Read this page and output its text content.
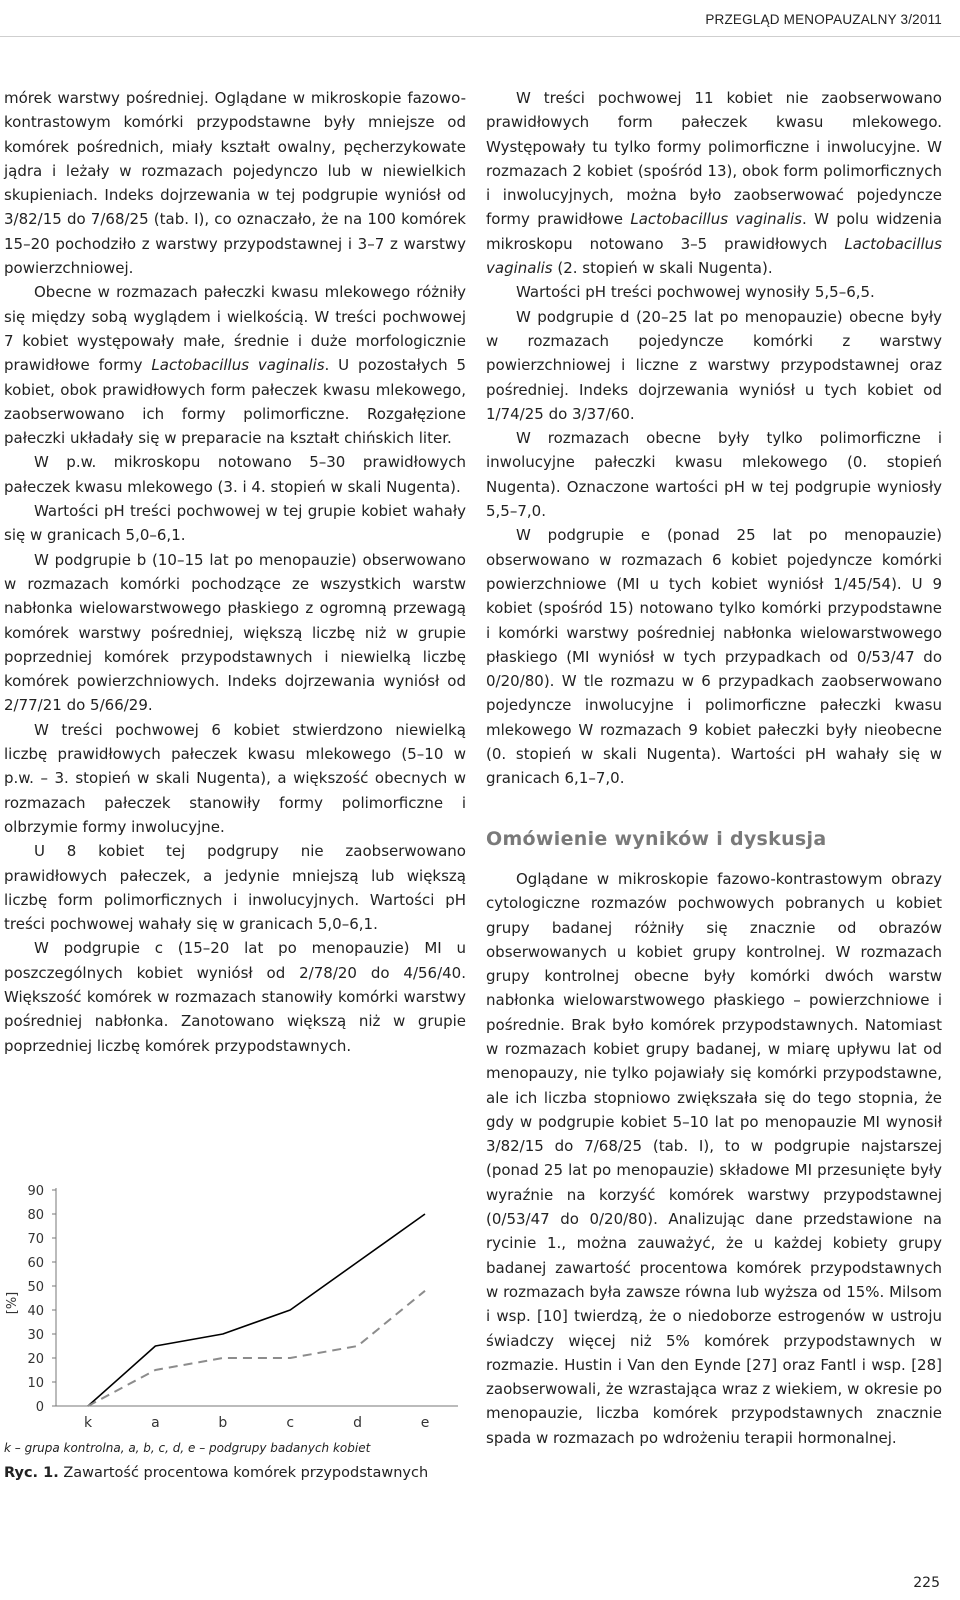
PRZEGLĄD MENOPAUZALNY 3/2011

mórek warstwy pośredniej. Oglądane w mikroskopie fazowo-kontrastowym komórki przypodstawne były mniejsze od komórek pośrednich, miały kształt owalny, pęcherzykowate jądra i leżały w rozmazach pojedynczo lub w niewielkich skupieniach. Indeks dojrzewania w tej podgrupie wyniósł od 3/82/15 do 7/68/25 (tab. I), co oznaczało, że na 100 komórek 15–20 pochodziło z warstwy przypodstawnej i 3–7 z warstwy powierzchniowej.

Obecne w rozmazach pałeczki kwasu mlekowego różniły się między sobą wyglądem i wielkością. W treści pochwowej 7 kobiet występowały małe, średnie i duże morfologicznie prawidłowe formy Lactobacillus vaginalis. U pozostałych 5 kobiet, obok prawidłowych form pałeczek kwasu mlekowego, zaobserwowano ich formy polimorficzne. Rozgałęzione pałeczki układały się w preparacie na kształt chińskich liter.

W p.w. mikroskopu notowano 5–30 prawidłowych pałeczek kwasu mlekowego (3. i 4. stopień w skali Nugenta).

Wartości pH treści pochwowej w tej grupie kobiet wahały się w granicach 5,0–6,1.

W podgrupie b (10–15 lat po menopauzie) obserwowano w rozmazach komórki pochodzące ze wszystkich warstw nabłonka wielowarstwowego płaskiego z ogromną przewagą komórek warstwy pośredniej, większą liczbę niż w grupie poprzedniej komórek przypodstawnych i niewielką liczbę komórek powierzchniowych. Indeks dojrzewania wyniósł od 2/77/21 do 5/66/29.

W treści pochwowej 6 kobiet stwierdzono niewielką liczbę prawidłowych pałeczek kwasu mlekowego (5–10 w p.w. – 3. stopień w skali Nugenta), a większość obecnych w rozmazach pałeczek stanowiły formy polimorficzne i olbrzymie formy inwolucyjne.

U 8 kobiet tej podgrupy nie zaobserwowano prawidłowych pałeczek, a jedynie mniejszą lub większą liczbę form polimorficznych i inwolucyjnych. Wartości pH treści pochwowej wahały się w granicach 5,0–6,1.

W podgrupie c (15–20 lat po menopauzie) MI u poszczególnych kobiet wyniósł od 2/78/20 do 4/56/40. Większość komórek w rozmazach stanowiły komórki warstwy pośredniej nabłonka. Zanotowano większą niż w grupie poprzedniej liczbę komórek przypodstawnych.

W treści pochwowej 11 kobiet nie zaobserwowano prawidłowych form pałeczek kwasu mlekowego. Występowały tu tylko formy polimorficzne i inwolucyjne. W rozmazach 2 kobiet (spośród 13), obok form polimorficznych i inwolucyjnych, można było zaobserwować pojedyncze formy prawidłowe Lactobacillus vaginalis. W polu widzenia mikroskopu notowano 3–5 prawidłowych Lactobacillus vaginalis (2. stopień w skali Nugenta).

Wartości pH treści pochwowej wynosiły 5,5–6,5.

W podgrupie d (20–25 lat po menopauzie) obecne były w rozmazach pojedyncze komórki z warstwy powierzchniowej i liczne z warstwy przypodstawnej oraz pośredniej. Indeks dojrzewania wyniósł u tych kobiet od 1/74/25 do 3/37/60.

W rozmazach obecne były tylko polimorficzne i inwolucyjne pałeczki kwasu mlekowego (0. stopień Nugenta). Oznaczone wartości pH w tej podgrupie wyniosły 5,5–7,0.

W podgrupie e (ponad 25 lat po menopauzie) obserwowano w rozmazach 6 kobiet pojedyncze komórki powierzchniowe (MI u tych kobiet wyniósł 1/45/54). U 9 kobiet (spośród 15) notowano tylko komórki przypodstawne i komórki warstwy pośredniej nabłonka wielowarstwowego płaskiego (MI wyniósł w tych przypadkach od 0/53/47 do 0/20/80). W tle rozmazu w 6 przypadkach zaobserwowano pojedyncze inwolucyjne i polimorficzne pałeczki kwasu mlekowego W rozmazach 9 kobiet pałeczki były nieobecne (0. stopień w skali Nugenta). Wartości pH wahały się w granicach 6,1–7,0.

Omówienie wyników i dyskusja

Oglądane w mikroskopie fazowo-kontrastowym obrazy cytologiczne rozmazów pochwowych pobranych u kobiet grupy badanej różniły się znacznie od obrazów obserwowanych u kobiet grupy kontrolnej. W rozmazach grupy kontrolnej obecne były komórki dwóch warstw nabłonka wielowarstwowego płaskiego – powierzchniowe i pośrednie. Brak było komórek przypodstawnych. Natomiast w rozmazach kobiet grupy badanej, w miarę upływu lat od menopauzy, nie tylko pojawiały się komórki przypodstawne, ale ich liczba stopniowo zwiększała się do tego stopnia, że gdy w podgrupie kobiet 5–10 lat po menopauzie MI wynosił 3/82/15 do 7/68/25 (tab. I), to w podgrupie najstarszej (ponad 25 lat po menopauzie) składowe MI przesunięte były wyraźnie na korzyść komórek warstwy przypodstawnej (0/53/47 do 0/20/80). Analizując dane przedstawione na rycinie 1., można zauważyć, że u każdej kobiety grupy badanej zawartość procentowa komórek przypodstawnych w rozmazach była zawsze równa lub wyższa od 15%. Milsom i wsp. [10] twierdzą, że o niedoborze estrogenów w ustroju świadczy więcej niż 5% komórek przypodstawnych w rozmazie. Hustin i Van den Eynde [27] oraz Fantl i wsp. [28] zaobserwowali, że wzrastająca wraz z wiekiem, w okresie po menopauzie, liczba komórek przypodstawnych znacznie spada w rozmazach po wdrożeniu terapii hormonalnej.

0
10
20
30
40
50
60
70
80
90
k	a	b	c	d	e
[%]
k – grupa kontrolna, a, b, c, d, e – podgrupy badanych kobiet
Ryc. 1. Zawartość procentowa komórek przypodstawnych
225
